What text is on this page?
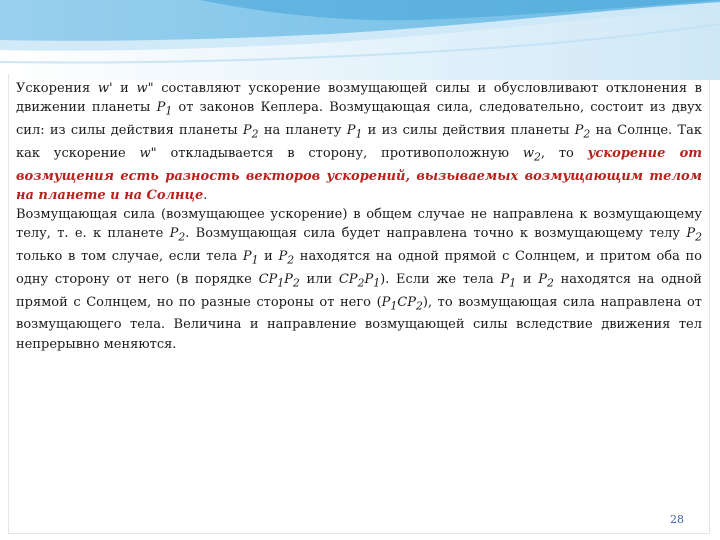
Ускорения w' и w" составляют ускорение возмущающей силы и обусловливают отклонения в движении планеты $P_1$ от законов Кеплера. Возмущающая сила, следовательно, состоит из двух сил: из силы действия планеты $P_2$ на планету $P_1$ и из силы действия планеты $P_2$ на Солнце. Так как ускорение w" откладывается в сторону, противоположную $w_2$, то ускорение от возмущения есть разность векторов ускорений, вызываемых возмущающим телом на планете и на Солнце.

Возмущающая сила (возмущающее ускорение) в общем случае не направлена к возмущающему телу, т. е. к планете $P_2$. Возмущающая сила будет направлена точно к возмущающему телу $P_2$ только в том случае, если тела $P_1$ и $P_2$ находятся на одной прямой с Солнцем, и притом оба по одну сторону от него (в порядке $CP_1P_2$ или $CP_2P_1$). Если же тела $P_1$ и $P_2$ находятся на одной прямой с Солнцем, но по разные стороны от него $(P_1CP_2)$, то возмущающая сила направлена от возмущающего тела. Величина и направление возмущающей силы вследствие движения тел непрерывно меняются.

28
